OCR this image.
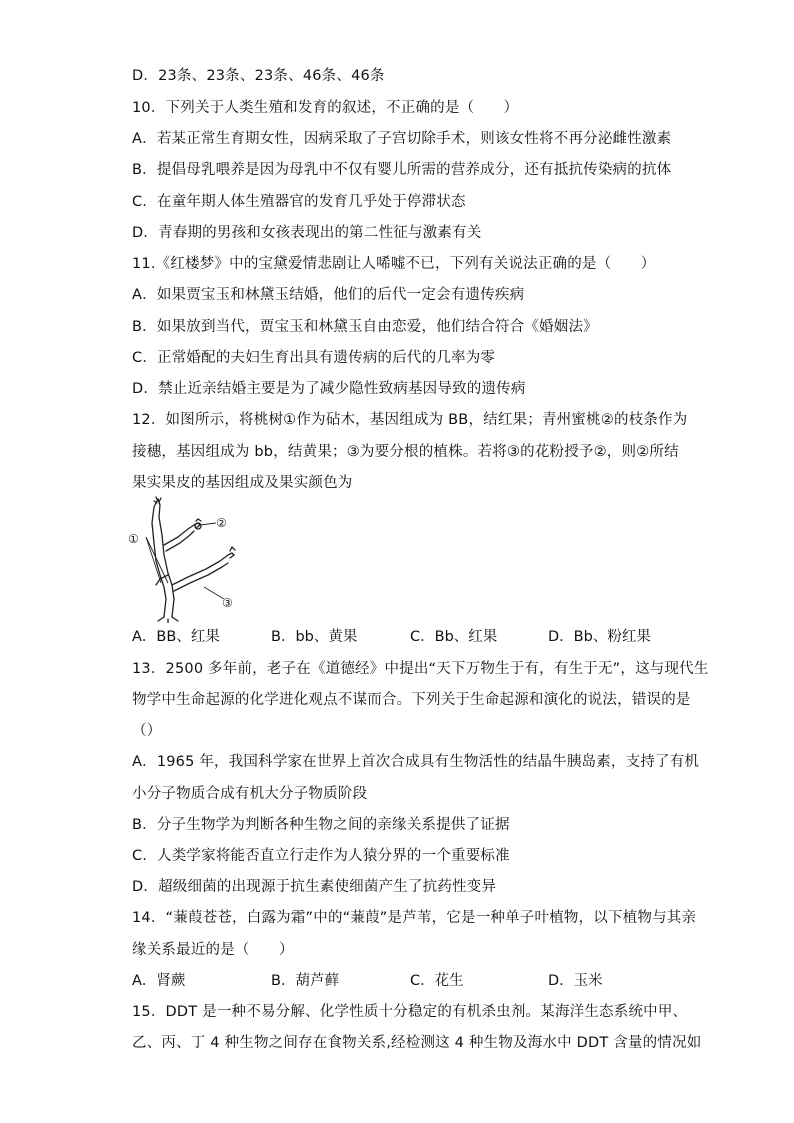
D．23条、23条、23条、46条、46条
10．下列关于人类生殖和发育的叙述，不正确的是（　　）
A．若某正常生育期女性，因病采取了子宫切除手术，则该女性将不再分泌雌性激素
B．提倡母乳喂养是因为母乳中不仅有婴儿所需的营养成分，还有抵抗传染病的抗体
C．在童年期人体生殖器官的发育几乎处于停滞状态
D．青春期的男孩和女孩表现出的第二性征与激素有关
11.《红楼梦》中的宝黛爱情悲剧让人唏嘘不已，下列有关说法正确的是（　　）
A．如果贾宝玉和林黛玉结婚，他们的后代一定会有遗传疾病
B．如果放到当代，贾宝玉和林黛玉自由恋爱，他们结合符合《婚姻法》
C．正常婚配的夫妇生育出具有遗传病的后代的几率为零
D．禁止近亲结婚主要是为了减少隐性致病基因导致的遗传病
12．如图所示，将桃树①作为砧木，基因组成为 BB，结红果；青州蜜桃②的枝条作为
接穗，基因组成为 bb，结黄果；③为要分根的植株。若将③的花粉授予②，则②所结
果实果皮的基因组成及果实颜色为
①
②
③
A．BB、红果	B．bb、黄果	C．Bb、红果	D．Bb、粉红果
13．2500 多年前，老子在《道德经》中提出“天下万物生于有，有生于无”，这与现代生
物学中生命起源的化学进化观点不谋而合。下列关于生命起源和演化的说法，错误的是
（）
A．1965 年，我国科学家在世界上首次合成具有生物活性的结晶牛胰岛素，支持了有机
小分子物质合成有机大分子物质阶段
B．分子生物学为判断各种生物之间的亲缘关系提供了证据
C．人类学家将能否直立行走作为人猿分界的一个重要标准
D．超级细菌的出现源于抗生素使细菌产生了抗药性变异
14．“蒹葭苍苍，白露为霜”中的“蒹葭”是芦苇，它是一种单子叶植物，以下植物与其亲
缘关系最近的是（　　）
A．肾蕨	B．葫芦藓	C．花生	D．玉米
15．DDT 是一种不易分解、化学性质十分稳定的有机杀虫剂。某海洋生态系统中甲、
乙、丙、丁 4 种生物之间存在食物关系,经检测这 4 种生物及海水中 DDT 含量的情况如
